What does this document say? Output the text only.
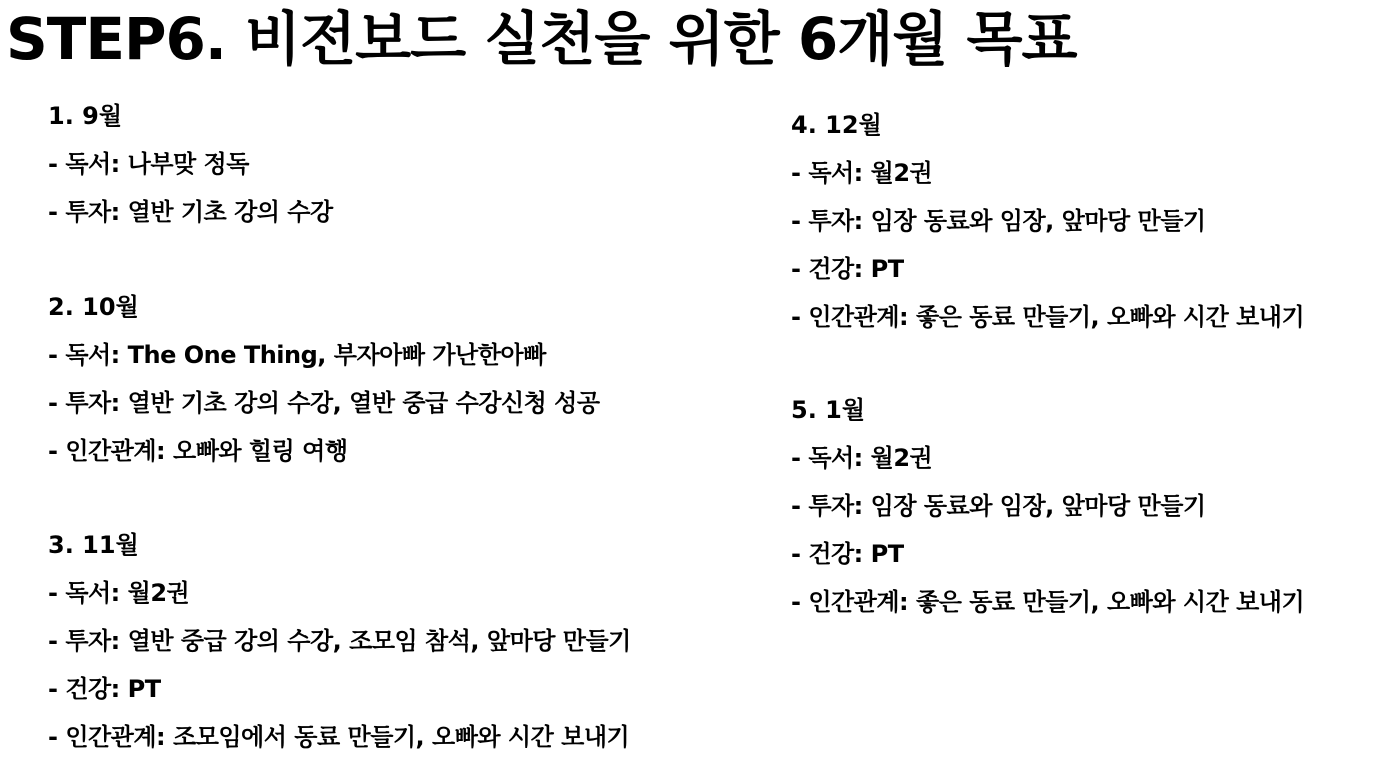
STEP6. 비전보드 실천을 위한 6개월 목표

1. 9월

- 독서: 나부맞 정독

- 투자: 열반 기초 강의 수강

2. 10월

- 독서: The One Thing, 부자아빠 가난한아빠

- 투자: 열반 기초 강의 수강, 열반 중급 수강신청 성공

- 인간관계: 오빠와 힐링 여행

3. 11월

- 독서: 월2권

- 투자: 열반 중급 강의 수강, 조모임 참석, 앞마당 만들기

- 건강: PT

- 인간관계: 조모임에서 동료 만들기, 오빠와 시간 보내기

4. 12월

- 독서: 월2권

- 투자: 임장 동료와 임장, 앞마당 만들기

- 건강: PT

- 인간관계: 좋은 동료 만들기, 오빠와 시간 보내기

5. 1월

- 독서: 월2권

- 투자: 임장 동료와 임장, 앞마당 만들기

- 건강: PT

- 인간관계: 좋은 동료 만들기, 오빠와 시간 보내기
